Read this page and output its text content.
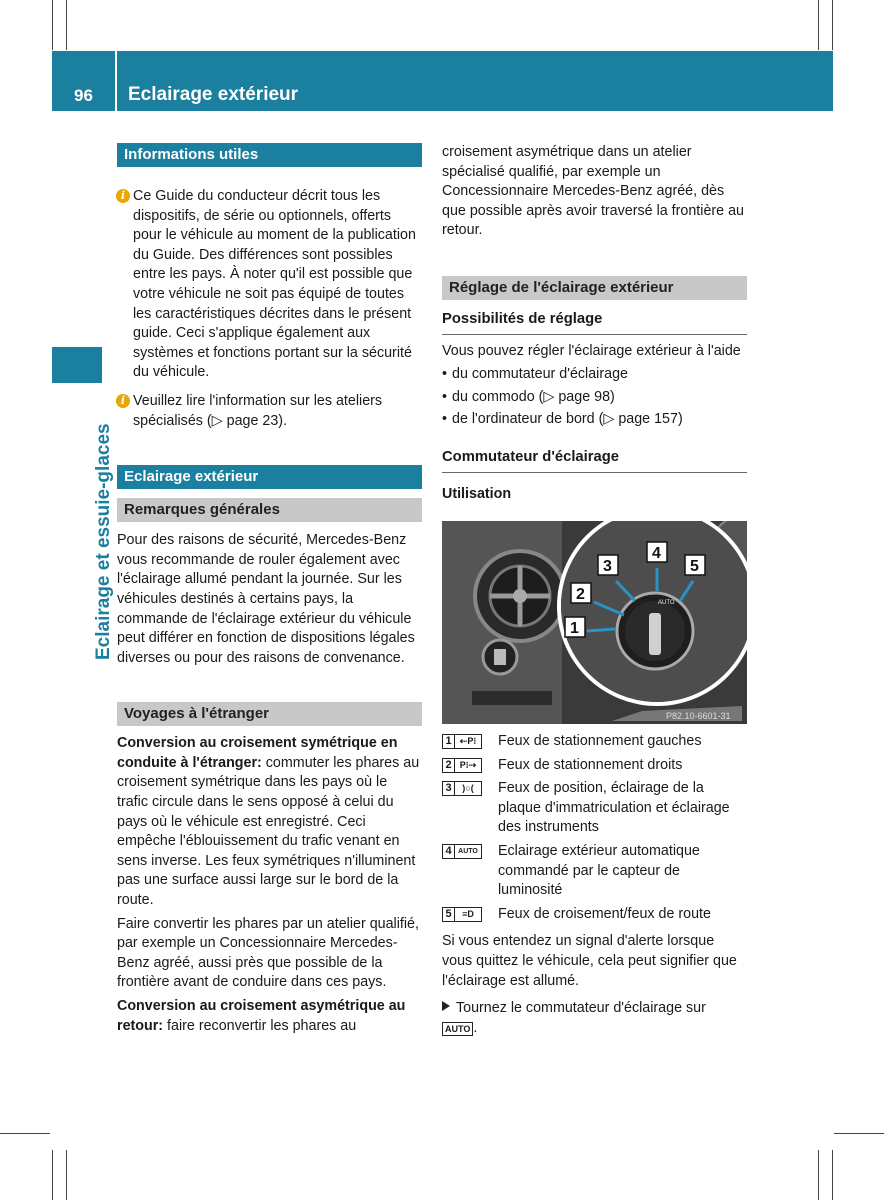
96	Eclairage extérieur
Eclairage et essuie-glaces
Informations utiles

i Ce Guide du conducteur décrit tous les dispositifs, de série ou optionnels, offerts pour le véhicule au moment de la publication du Guide. Des différences sont possibles entre les pays. À noter qu'il est possible que votre véhicule ne soit pas équipé de toutes les caractéristiques décrites dans le présent guide. Ceci s'applique également aux systèmes et fonctions portant sur la sécurité du véhicule.

i Veuillez lire l'information sur les ateliers spécialisés (▷ page 23).

Eclairage extérieur
Remarques générales

Pour des raisons de sécurité, Mercedes-Benz vous recommande de rouler également avec l'éclairage allumé pendant la journée. Sur les véhicules destinés à certains pays, la commande de l'éclairage extérieur du véhicule peut différer en fonction de dispositions légales diverses ou pour des raisons de convenance.

Voyages à l'étranger

Conversion au croisement symétrique en conduite à l'étranger: commuter les phares au croisement symétrique dans les pays où le trafic circule dans le sens opposé à celui du pays où le véhicule est enregistré. Ceci empêche l'éblouissement du trafic venant en sens inverse. Les feux symétriques n'illuminent pas une surface aussi large sur le bord de la route.

Faire convertir les phares par un atelier qualifié, par exemple un Concessionnaire Mercedes-Benz agréé, aussi près que possible de la frontière avant de conduire dans ces pays.

Conversion au croisement asymétrique au retour: faire reconvertir les phares au

croisement asymétrique dans un atelier spécialisé qualifié, par exemple un Concessionnaire Mercedes-Benz agréé, dès que possible après avoir traversé la frontière au retour.

Réglage de l'éclairage extérieur
Possibilités de réglage

Vous pouvez régler l'éclairage extérieur à l'aide

• du commutateur d'éclairage
• du commodo (▷ page 98)
• de l'ordinateur de bord (▷ page 157)
Commutateur d'éclairage
Utilisation
AUTO
1
2
3
4
5
P82.10-6601-31
1 ⇠P⁝	Feux de stationnement gauches
2 P⁝⇢	Feux de stationnement droits
3	)○(	Feux de position, éclairage de la plaque d'immatriculation et éclairage des instruments
4 AUTO Eclairage extérieur automatique commandé par le capteur de luminosité
5	≡D	Feux de croisement/feux de route

Si vous entendez un signal d'alerte lorsque vous quittez le véhicule, cela peut signifier que l'éclairage est allumé.

Tournez le commutateur d'éclairage sur
AUTO .
